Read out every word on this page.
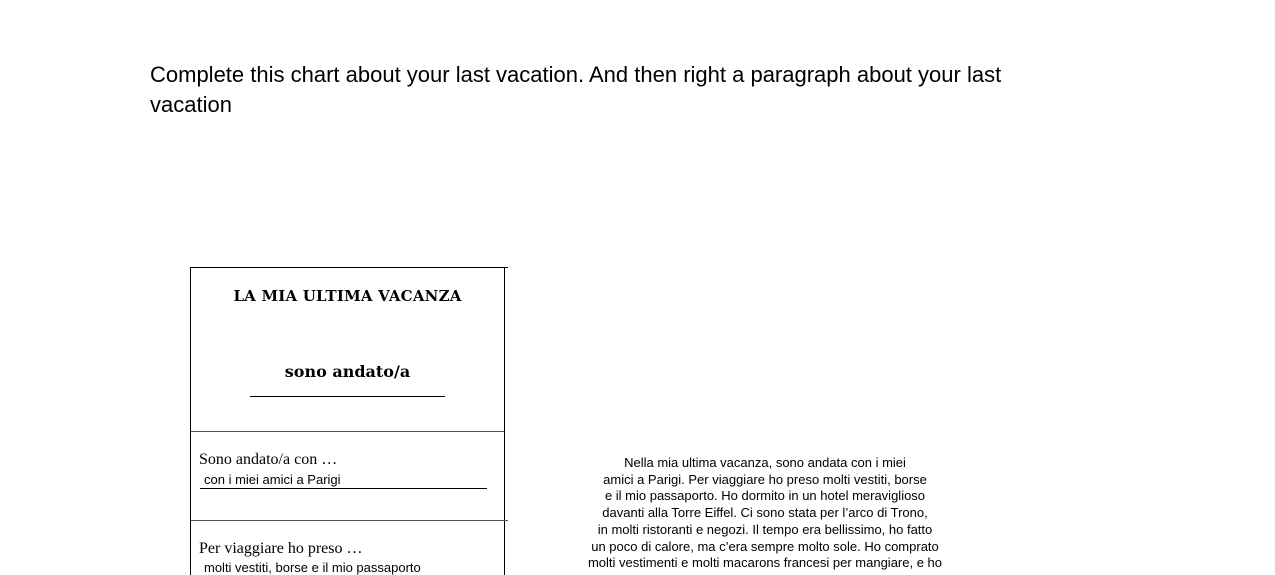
Complete this chart about your last vacation. And then right a paragraph about your last vacation
LA MIA ULTIMA VACANZA
sono andato/a
Sono andato/a con …
con i miei amici a Parigi
Per viaggiare ho preso …
molti vestiti, borse e il mio passaporto
Nella mia ultima vacanza, sono andata con i miei
amici a Parigi. Per viaggiare ho preso molti vestiti, borse
e il mio passaporto. Ho dormito in un hotel meraviglioso
davanti alla Torre Eiffel. Ci sono stata per l’arco di Trono,
in molti ristoranti e negozi. Il tempo era bellissimo, ho fatto
un poco di calore, ma c’era sempre molto sole. Ho comprato
molti vestimenti e molti macarons francesi per mangiare, e ho
